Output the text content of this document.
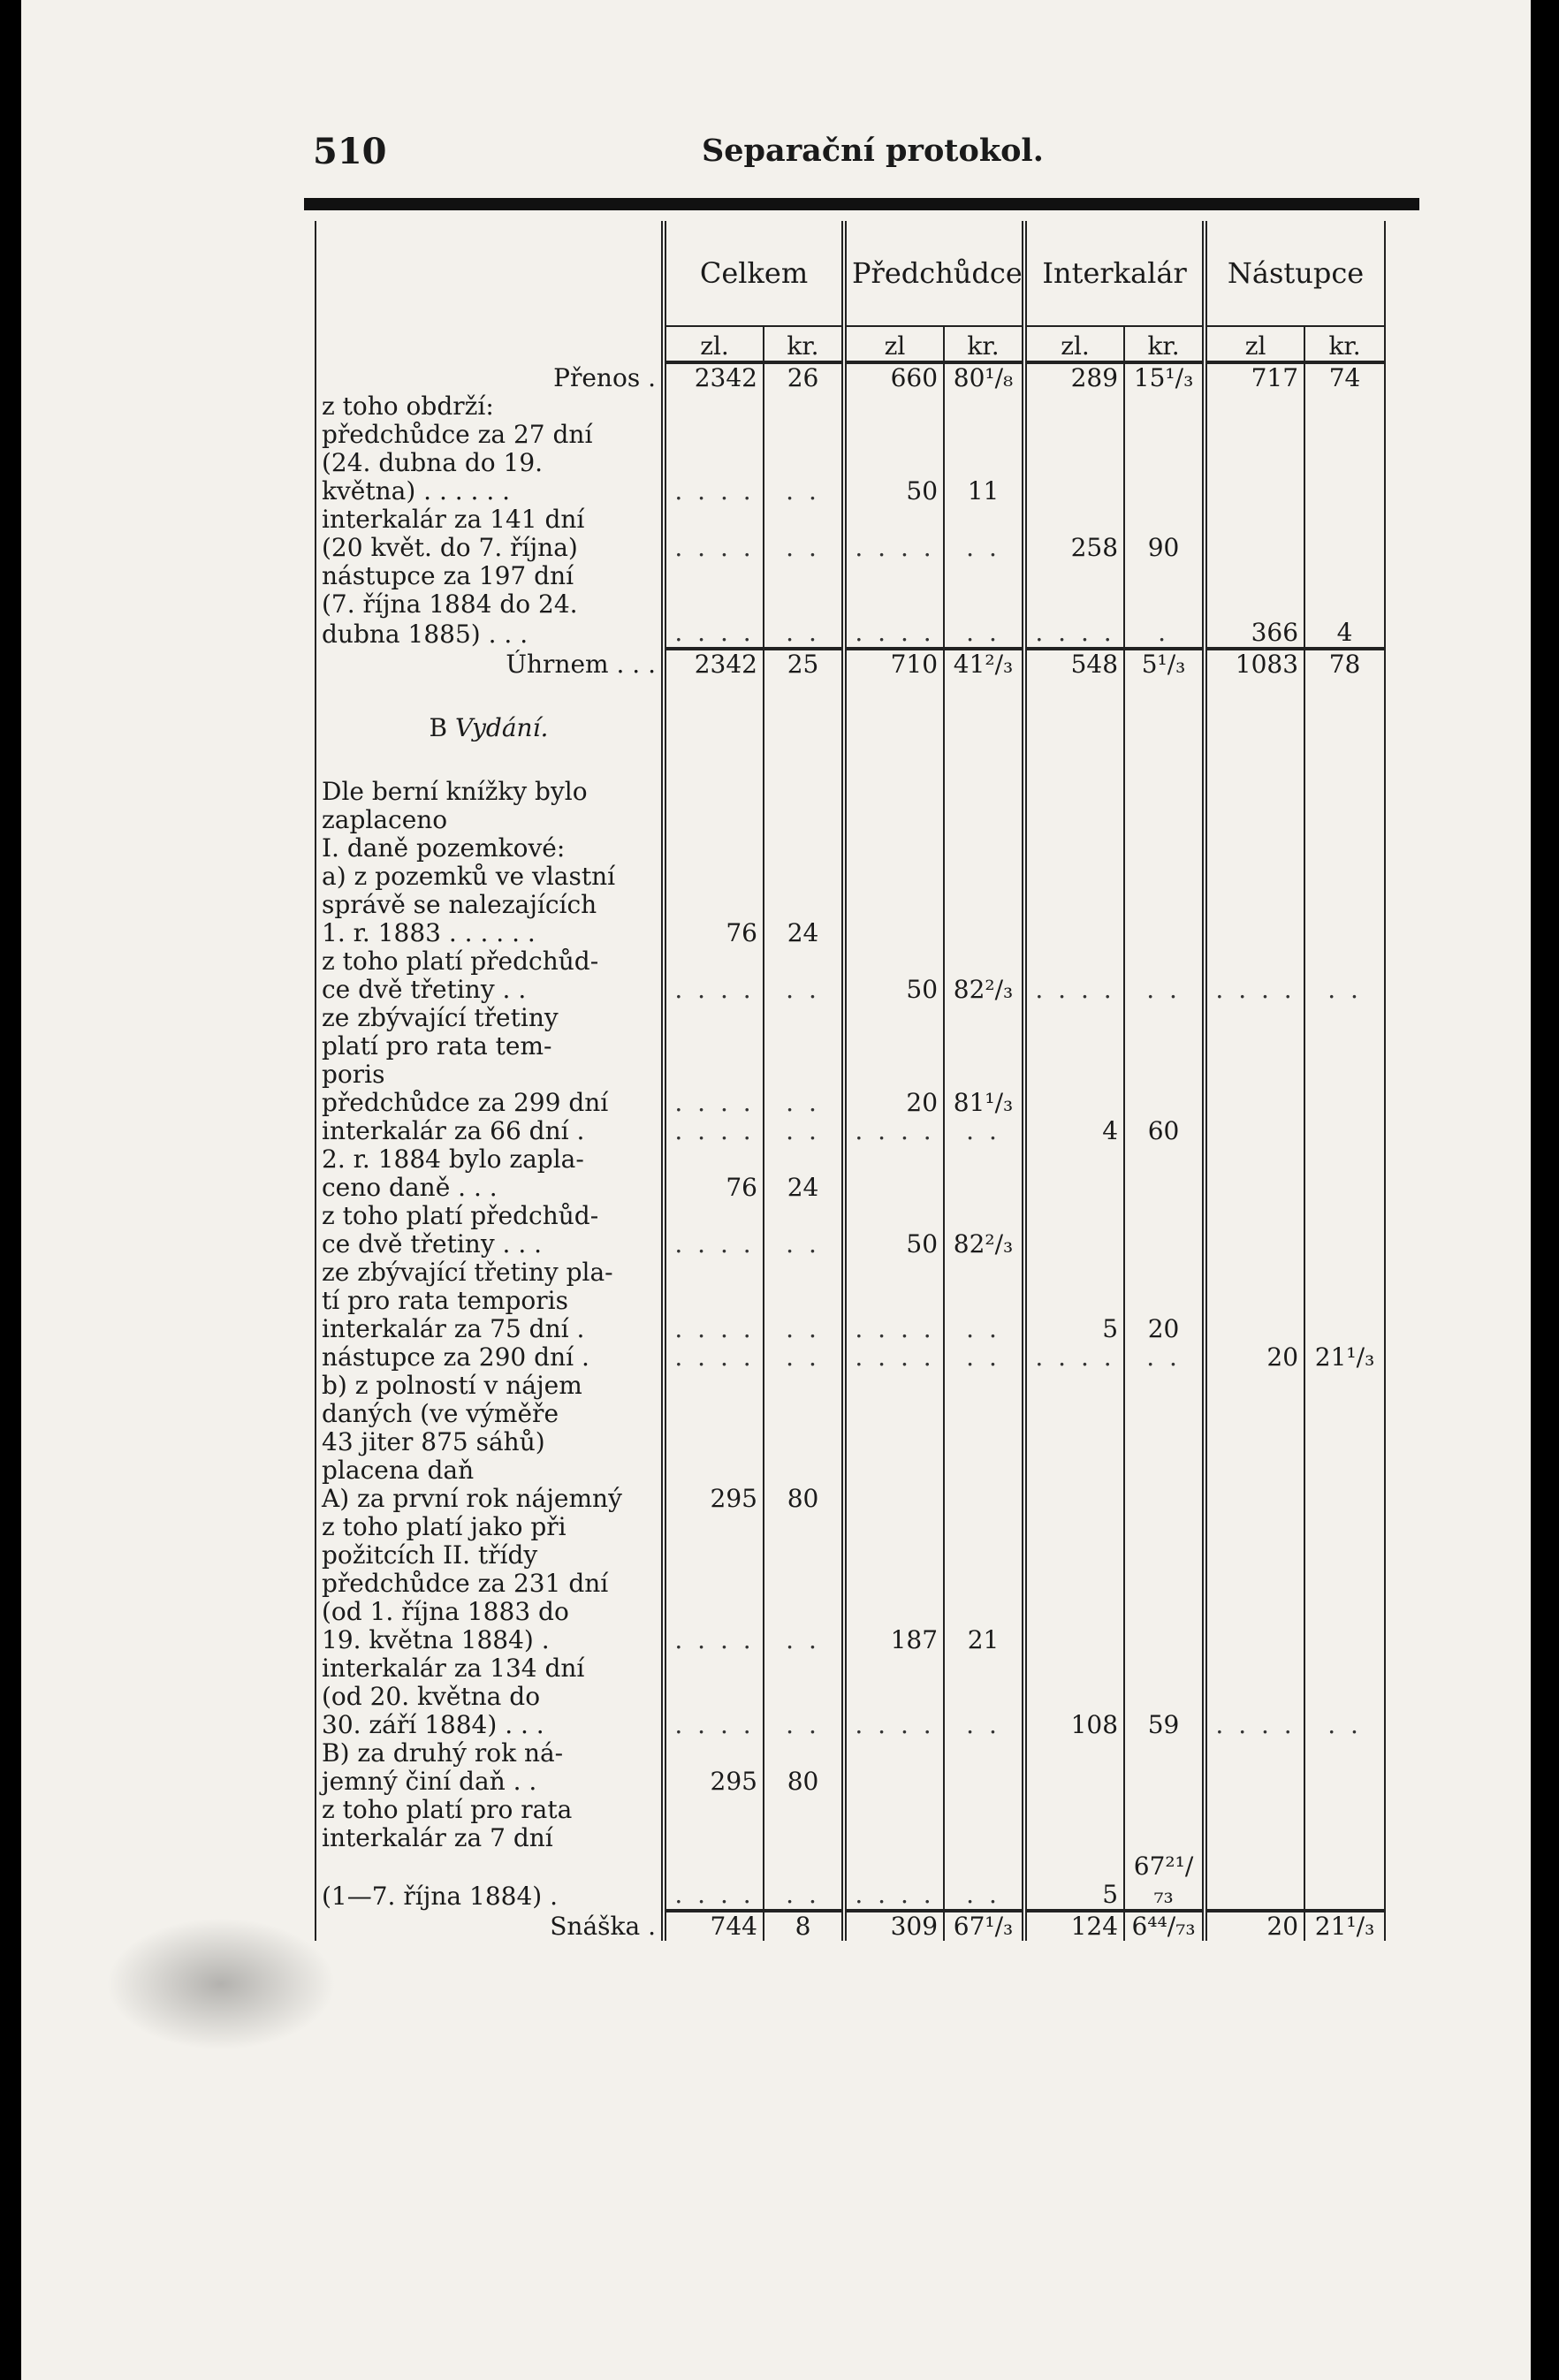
510	Separační protokol.
	Celkem		Předchůdce		Interkalár		Nástupce	
	zl.	kr.	zl	kr.	zl.	kr.	zl	kr.
Přenos .	2342	26	660	80¹/₈	289	15¹/₃	717	74
z toho obdrží:								
předchůdce za 27 dní								
(24. dubna do 19.								
května) . . . . . .	. . . .	. .	50	11				
interkalár za 141 dní								
(20 květ. do 7. října)	. . . .	. .	. . . .	. .	258	90		
nástupce za 197 dní								
(7. října 1884 do 24.								
dubna 1885) . . .	. . . .	. .	. . . .	. .	. . . .	.	366	4
Úhrnem . . .	2342	25	710	41²/₃	548	5¹/₃	1083	78

B Vydání.								

Dle berní knížky bylo								
zaplaceno								
I. daně pozemkové:								
a) z pozemků ve vlastní								
správě se nalezajících								
1. r. 1883 . . . . . .	76	24						
z toho platí předchůd-								
ce dvě třetiny . .	. . . .	. .	50	82²/₃	. . . .	. .	. . . .	. .
ze zbývající třetiny								
platí pro rata tem-								
poris								
předchůdce za 299 dní	. . . .	. .	20	81¹/₃				
interkalár za 66 dní .	. . . .	. .	. . . .	. .	4	60		
2. r. 1884 bylo zapla-								
ceno daně . . .	76	24						
z toho platí předchůd-								
ce dvě třetiny . . .	. . . .	. .	50	82²/₃				
ze zbývající třetiny pla-								
tí pro rata temporis								
interkalár za 75 dní .	. . . .	. .	. . . .	. .	5	20		
nástupce za 290 dní .	. . . .	. .	. . . .	. .	. . . .	. .	20	21¹/₃
b) z polností v nájem								
daných (ve výměře								
43 jiter 875 sáhů)								
placena daň								
A) za první rok nájemný	295	80						
z toho platí jako při								
požitcích II. třídy								
předchůdce za 231 dní								
(od 1. října 1883 do								
19. května 1884) .	. . . .	. .	187	21				
interkalár za 134 dní								
(od 20. května do								
30. září 1884) . . .	. . . .	. .	. . . .	. .	108	59	. . . .	. .
B) za druhý rok ná-								
jemný činí daň . .	295	80						
z toho platí pro rata								
interkalár za 7 dní								
(1—7. října 1884) .	. . . .	. .	. . . .	. .	5	67²¹/₇₃		
Snáška .	744	8	309	67¹/₃	124	6⁴⁴/₇₃	20	21¹/₃
